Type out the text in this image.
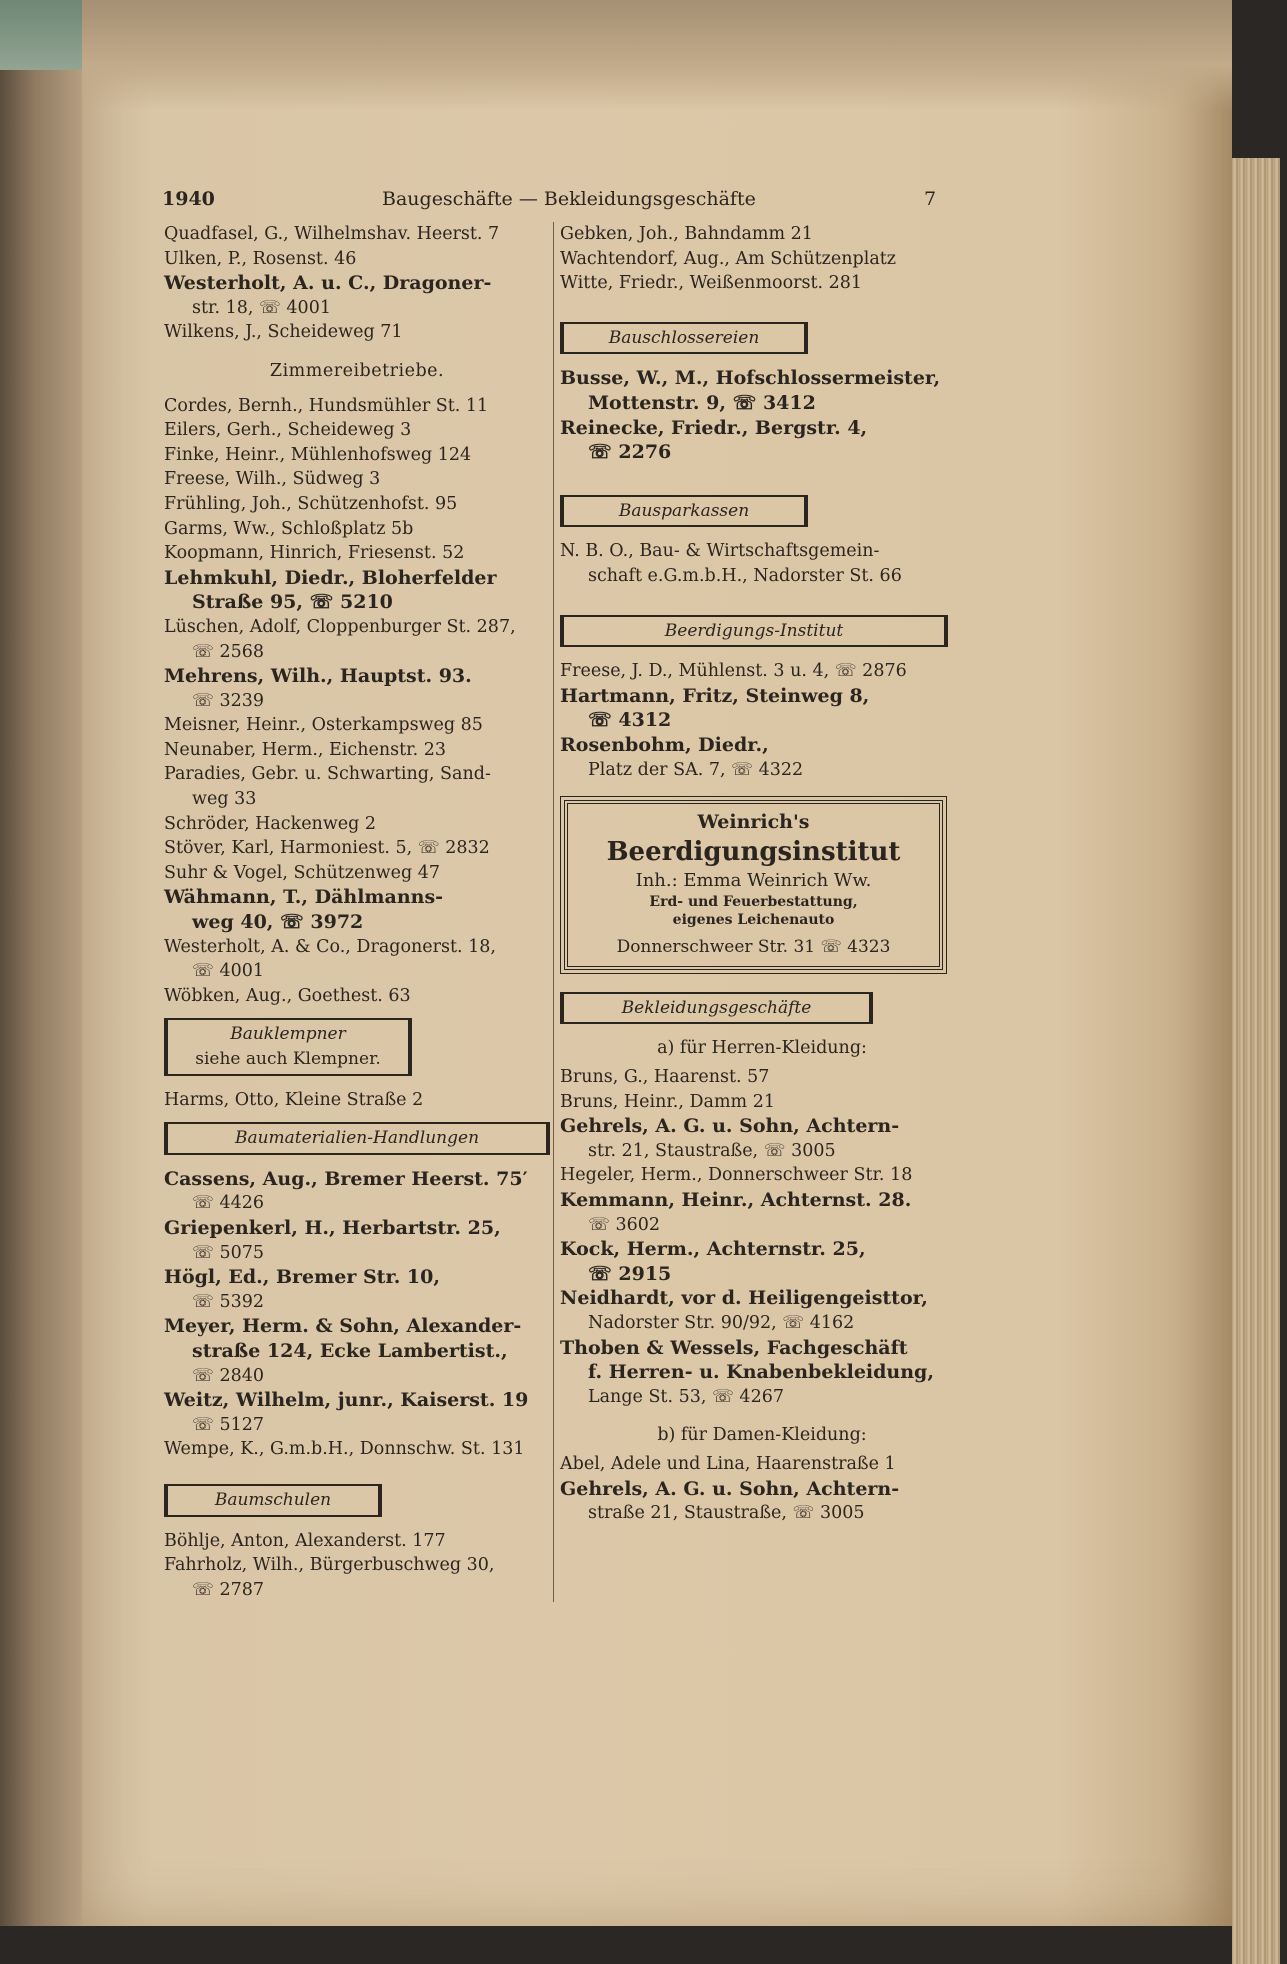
1940	Baugeschäfte — Bekleidungsgeschäfte	7
Quadfasel, G., Wilhelmshav. Heerst. 7
Ulken, P., Rosenst. 46
Westerholt, A. u. C., Dragoner-
str. 18, ☏ 4001
Wilkens, J., Scheideweg 71
Zimmereibetriebe.
Cordes, Bernh., Hundsmühler St. 11
Eilers, Gerh., Scheideweg 3
Finke, Heinr., Mühlenhofsweg 124
Freese, Wilh., Südweg 3
Frühling, Joh., Schützenhofst. 95
Garms, Ww., Schloßplatz 5b
Koopmann, Hinrich, Friesenst. 52
Lehmkuhl, Diedr., Bloherfelder
Straße 95, ☏ 5210
Lüschen, Adolf, Cloppenburger St. 287,
☏ 2568
Mehrens, Wilh., Hauptst. 93.
☏ 3239
Meisner, Heinr., Osterkampsweg 85
Neunaber, Herm., Eichenstr. 23
Paradies, Gebr. u. Schwarting, Sand-
weg 33
Schröder, Hackenweg 2
Stöver, Karl, Harmoniest. 5, ☏ 2832
Suhr & Vogel, Schützenweg 47
Wähmann, T., Dählmanns-
weg 40, ☏ 3972
Westerholt, A. & Co., Dragonerst. 18,
☏ 4001
Wöbken, Aug., Goethest. 63
Bauklempner
siehe auch Klempner.
Harms, Otto, Kleine Straße 2
Baumaterialien-Handlungen
Cassens, Aug., Bremer Heerst. 75′
☏ 4426
Griepenkerl, H., Herbartstr. 25,
☏ 5075
Högl, Ed., Bremer Str. 10,
☏ 5392
Meyer, Herm. & Sohn, Alexander-
straße 124, Ecke Lambertist.,
☏ 2840
Weitz, Wilhelm, junr., Kaiserst. 19
☏ 5127
Wempe, K., G.m.b.H., Donnschw. St. 131
Baumschulen
Böhlje, Anton, Alexanderst. 177
Fahrholz, Wilh., Bürgerbuschweg 30,
☏ 2787
Gebken, Joh., Bahndamm 21
Wachtendorf, Aug., Am Schützenplatz
Witte, Friedr., Weißenmoorst. 281
Bauschlossereien
Busse, W., M., Hofschlossermeister,
Mottenstr. 9, ☏ 3412
Reinecke, Friedr., Bergstr. 4,
☏ 2276
Bausparkassen
N. B. O., Bau- & Wirtschaftsgemein-
schaft e.G.m.b.H., Nadorster St. 66
Beerdigungs-Institut
Freese, J. D., Mühlenst. 3 u. 4, ☏ 2876
Hartmann, Fritz, Steinweg 8,
☏ 4312
Rosenbohm, Diedr.,
Platz der SA. 7, ☏ 4322
Weinrich's
Beerdigungsinstitut
Inh.: Emma Weinrich Ww.
Erd- und Feuerbestattung,
eigenes Leichenauto
Donnerschweer Str. 31 ☏ 4323
Bekleidungsgeschäfte
a) für Herren-Kleidung:
Bruns, G., Haarenst. 57
Bruns, Heinr., Damm 21
Gehrels, A. G. u. Sohn, Achtern-
str. 21, Staustraße, ☏ 3005
Hegeler, Herm., Donnerschweer Str. 18
Kemmann, Heinr., Achternst. 28.
☏ 3602
Kock, Herm., Achternstr. 25,
☏ 2915
Neidhardt, vor d. Heiligengeisttor,
Nadorster Str. 90/92, ☏ 4162
Thoben & Wessels, Fachgeschäft
f. Herren- u. Knabenbekleidung,
Lange St. 53, ☏ 4267
b) für Damen-Kleidung:
Abel, Adele und Lina, Haarenstraße 1
Gehrels, A. G. u. Sohn, Achtern-
straße 21, Staustraße, ☏ 3005
